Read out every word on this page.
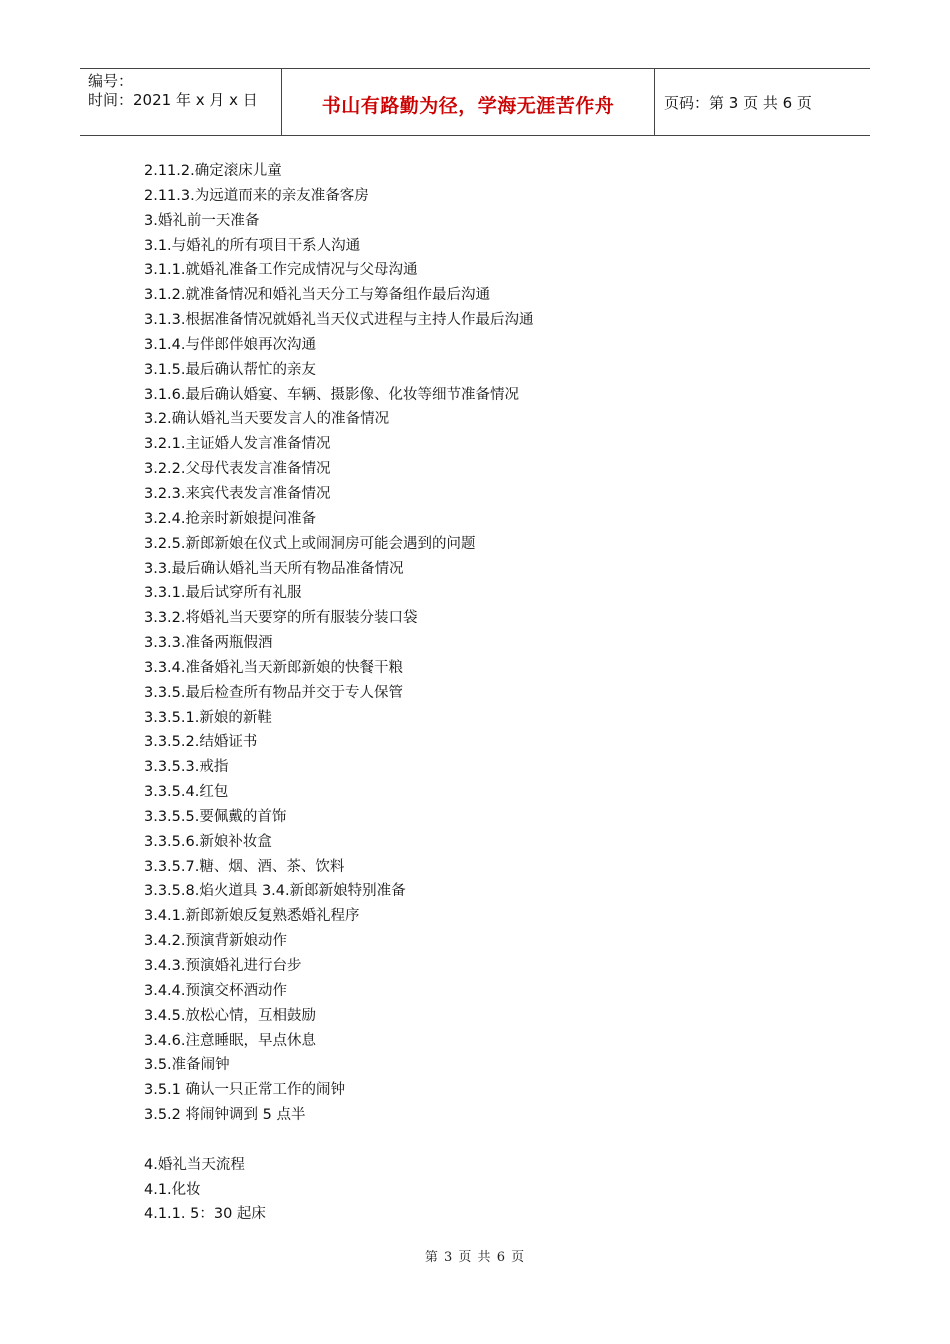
编号：
时间：2021 年 x 月 x 日	书山有路勤为径，学海无涯苦作舟	页码：第 3 页 共 6 页
2.11.2.确定滚床儿童
2.11.3.为远道而来的亲友准备客房
3.婚礼前一天准备
3.1.与婚礼的所有项目干系人沟通
3.1.1.就婚礼准备工作完成情况与父母沟通
3.1.2.就准备情况和婚礼当天分工与筹备组作最后沟通
3.1.3.根据准备情况就婚礼当天仪式进程与主持人作最后沟通
3.1.4.与伴郎伴娘再次沟通
3.1.5.最后确认帮忙的亲友
3.1.6.最后确认婚宴、车辆、摄影像、化妆等细节准备情况
3.2.确认婚礼当天要发言人的准备情况
3.2.1.主证婚人发言准备情况
3.2.2.父母代表发言准备情况
3.2.3.来宾代表发言准备情况
3.2.4.抢亲时新娘提问准备
3.2.5.新郎新娘在仪式上或闹洞房可能会遇到的问题
3.3.最后确认婚礼当天所有物品准备情况
3.3.1.最后试穿所有礼服
3.3.2.将婚礼当天要穿的所有服装分装口袋
3.3.3.准备两瓶假酒
3.3.4.准备婚礼当天新郎新娘的快餐干粮
3.3.5.最后检查所有物品并交于专人保管
3.3.5.1.新娘的新鞋
3.3.5.2.结婚证书
3.3.5.3.戒指
3.3.5.4.红包
3.3.5.5.要佩戴的首饰
3.3.5.6.新娘补妆盒
3.3.5.7.糖、烟、酒、茶、饮料
3.3.5.8.焰火道具 3.4.新郎新娘特别准备
3.4.1.新郎新娘反复熟悉婚礼程序
3.4.2.预演背新娘动作
3.4.3.预演婚礼进行台步
3.4.4.预演交杯酒动作
3.4.5.放松心情，互相鼓励
3.4.6.注意睡眠，早点休息
3.5.准备闹钟
3.5.1 确认一只正常工作的闹钟
3.5.2 将闹钟调到 5 点半
4.婚礼当天流程
4.1.化妆
4.1.1. 5：30 起床
第 3 页 共 6 页
